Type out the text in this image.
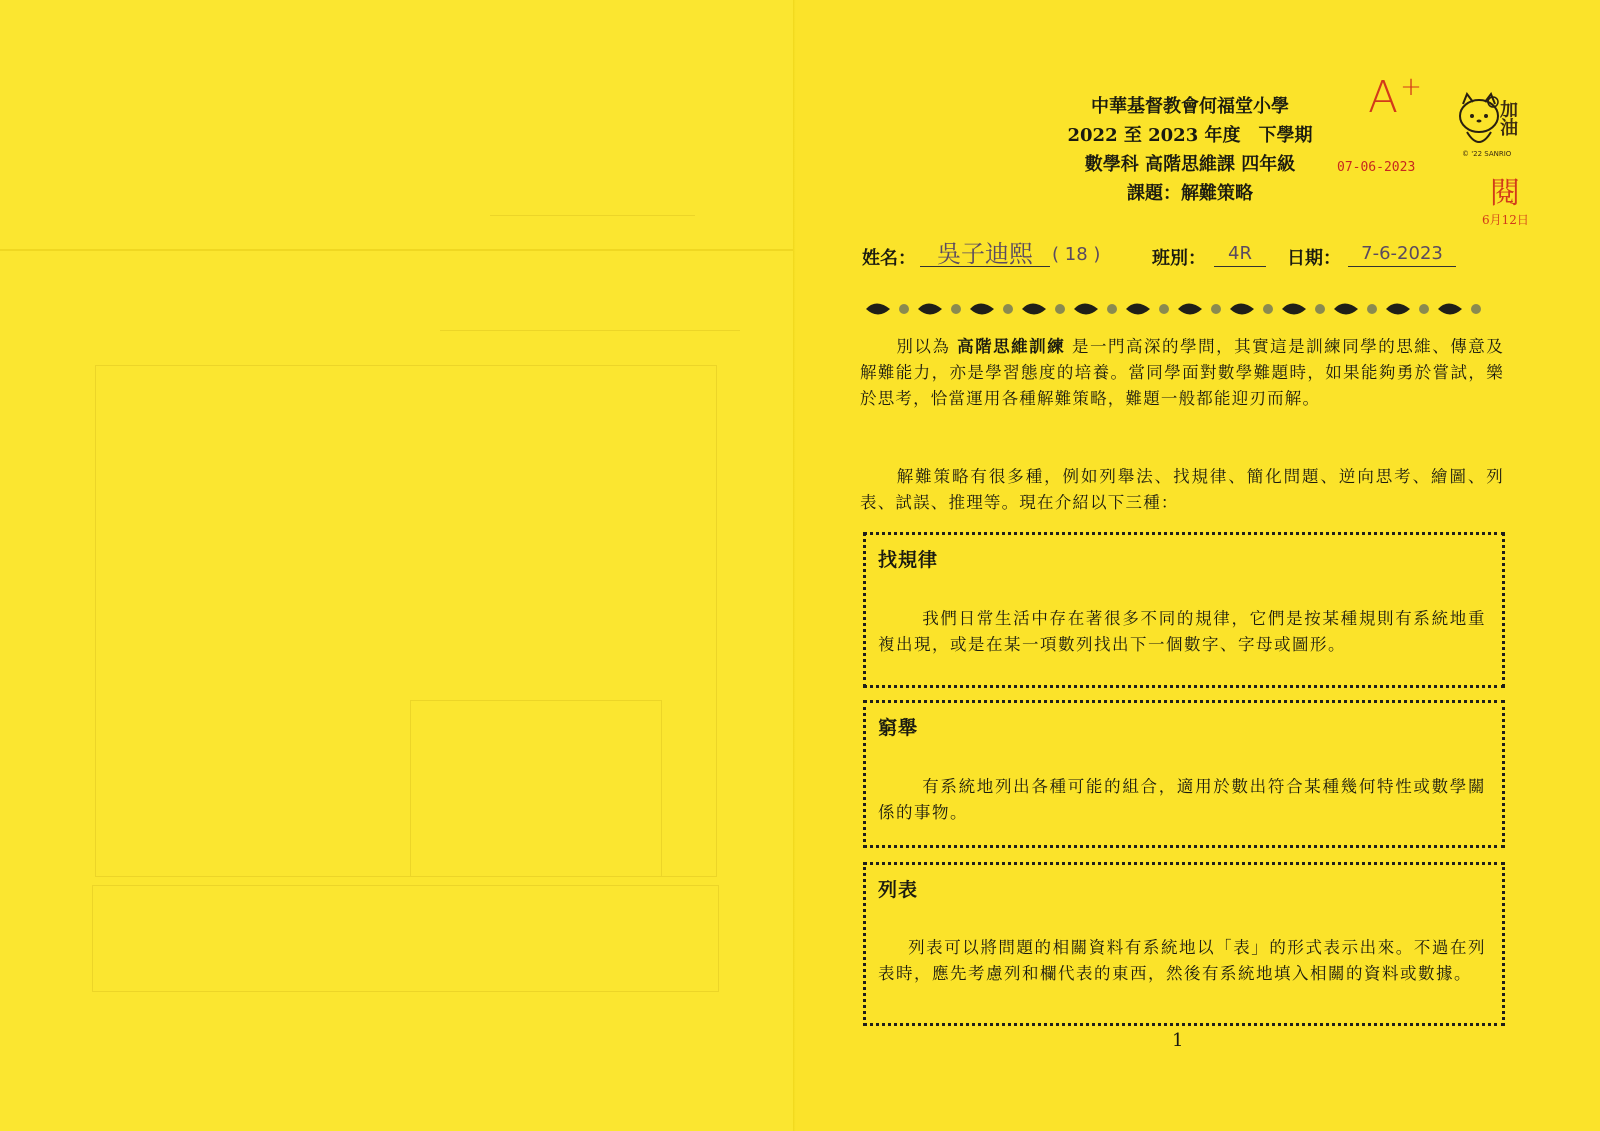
中華基督教會何福堂小學
2022 至 2023 年度　下學期
數學科 高階思維課 四年級
課題：解難策略
A+
07-06-2023
加油
© '22 SANRIO
閱
6月12日
姓名： 吳子迪熙	( 18 )	班別：	4R	日期：	7-6-2023
別以為 高階思維訓練 是一門高深的學問，其實這是訓練同學的思維、傳意及解難能力，亦是學習態度的培養。當同學面對數學難題時，如果能夠勇於嘗試，樂於思考，恰當運用各種解難策略，難題一般都能迎刃而解。
解難策略有很多種，例如列舉法、找規律、簡化問題、逆向思考、繪圖、列表、試誤、推理等。現在介紹以下三種：
找規律
我們日常生活中存在著很多不同的規律，它們是按某種規則有系統地重複出現，或是在某一項數列找出下一個數字、字母或圖形。
窮舉
有系統地列出各種可能的組合，適用於數出符合某種幾何特性或數學關係的事物。
列表
列表可以將問題的相關資料有系統地以「表」的形式表示出來。不過在列表時，應先考慮列和欄代表的東西，然後有系統地填入相關的資料或數據。
1
